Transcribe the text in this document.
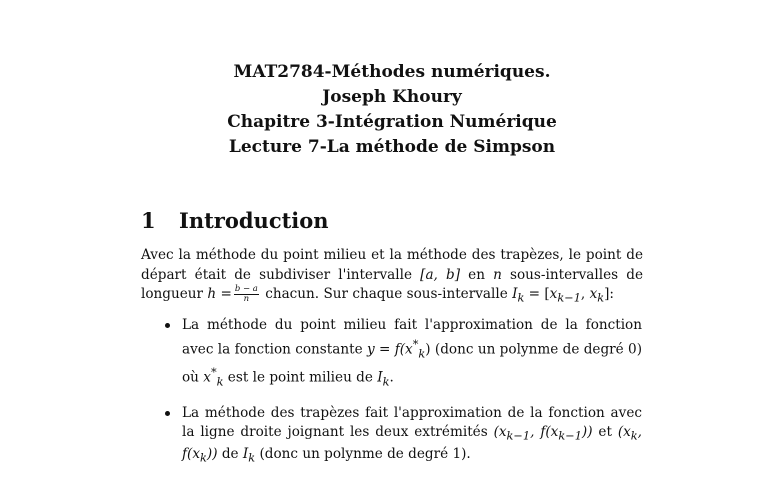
MAT2784-Méthodes numériques.
Joseph Khoury
Chapitre 3-Intégration Numérique
Lecture 7-La méthode de Simpson
1 Introduction
Avec la méthode du point milieu et la méthode des trapèzes, le point de départ était de subdiviser l'intervalle [a, b] en n sous-intervalles de longueur $h = \frac{b - a}{n}$ chacun. Sur chaque sous-intervalle $I_k = [x_{k-1}$, $x_k$]:
La méthode du point milieu fait l'approximation de la fonction avec la fonction constante $y = f(x^*_k)$ (donc un polynme de degré 0) où $x^*_k$ est le point milieu de $I_k$.
La méthode des trapèzes fait l'approximation de la fonction avec la ligne droite joignant les deux extrémités ($x_{k-1}$, $f(x_{k-1})$) et ($x_k$, $f(x_k)$) de $I_k$ (donc un polynme de degré 1).
